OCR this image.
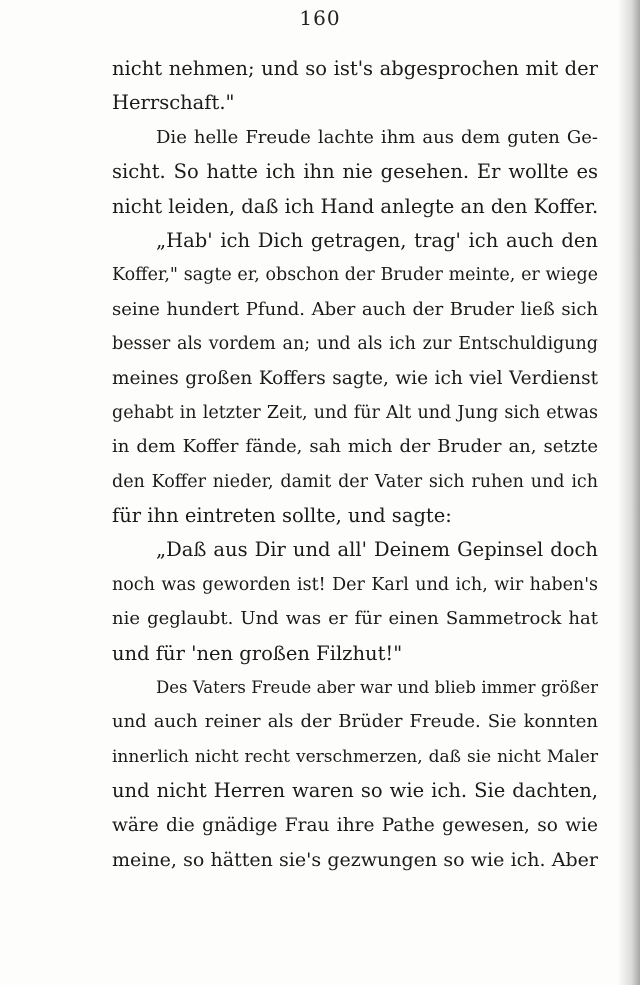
160
nicht nehmen; und so ist's abgesprochen mit der
Herrschaft."
Die helle Freude lachte ihm aus dem guten Ge-
sicht. So hatte ich ihn nie gesehen. Er wollte es
nicht leiden, daß ich Hand anlegte an den Koffer.
„Hab' ich Dich getragen, trag' ich auch den
Koffer," sagte er, obschon der Bruder meinte, er wiege
seine hundert Pfund. Aber auch der Bruder ließ sich
besser als vordem an; und als ich zur Entschuldigung
meines großen Koffers sagte, wie ich viel Verdienst
gehabt in letzter Zeit, und für Alt und Jung sich etwas
in dem Koffer fände, sah mich der Bruder an, setzte
den Koffer nieder, damit der Vater sich ruhen und ich
für ihn eintreten sollte, und sagte:
„Daß aus Dir und all' Deinem Gepinsel doch
noch was geworden ist! Der Karl und ich, wir haben's
nie geglaubt. Und was er für einen Sammetrock hat
und für 'nen großen Filzhut!"
Des Vaters Freude aber war und blieb immer größer
und auch reiner als der Brüder Freude. Sie konnten
innerlich nicht recht verschmerzen, daß sie nicht Maler
und nicht Herren waren so wie ich. Sie dachten,
wäre die gnädige Frau ihre Pathe gewesen, so wie
meine, so hätten sie's gezwungen so wie ich. Aber
